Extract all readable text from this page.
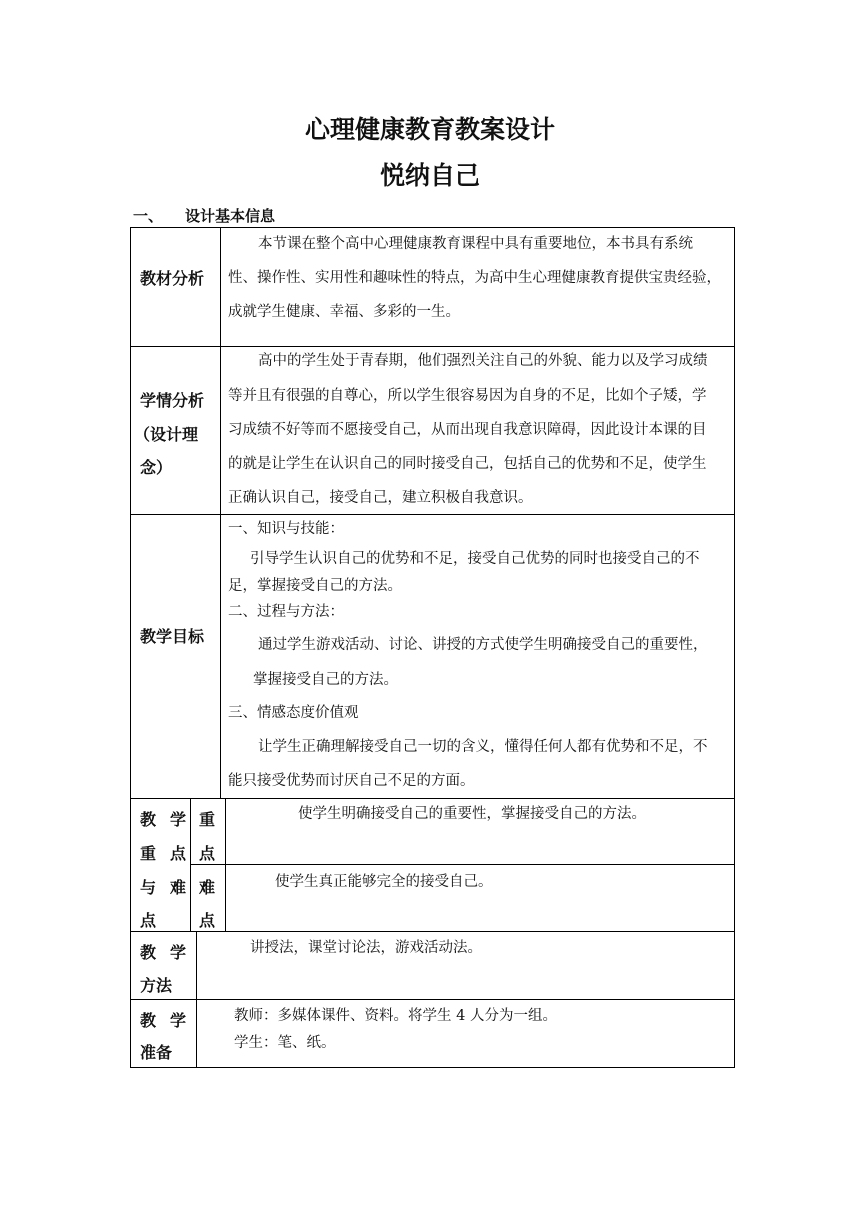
心理健康教育教案设计
悦纳自己
一、 设计基本信息
教材分析
本节课在整个高中心理健康教育课程中具有重要地位，本书具有系统
性、操作性、实用性和趣味性的特点，为高中生心理健康教育提供宝贵经验，
成就学生健康、幸福、多彩的一生。
学情分析
（设计理
念）
高中的学生处于青春期，他们强烈关注自己的外貌、能力以及学习成绩
等并且有很强的自尊心，所以学生很容易因为自身的不足，比如个子矮，学
习成绩不好等而不愿接受自己，从而出现自我意识障碍，因此设计本课的目
的就是让学生在认识自己的同时接受自己，包括自己的优势和不足，使学生
正确认识自己，接受自己，建立积极自我意识。
教学目标
一、知识与技能：
引导学生认识自己的优势和不足，接受自己优势的同时也接受自己的不
足，掌握接受自己的方法。
二、过程与方法：
通过学生游戏活动、讨论、讲授的方式使学生明确接受自己的重要性，
掌握接受自己的方法。
三、情感态度价值观
让学生正确理解接受自己一切的含义，懂得任何人都有优势和不足，不
能只接受优势而讨厌自己不足的方面。
教 学
重 点
与 难
点
重
点
难
点
使学生明确接受自己的重要性，掌握接受自己的方法。
使学生真正能够完全的接受自己。
教 学
方法
讲授法，课堂讨论法，游戏活动法。
教 学
准备
教师：多媒体课件、资料。将学生 4 人分为一组。
学生：笔、纸。
